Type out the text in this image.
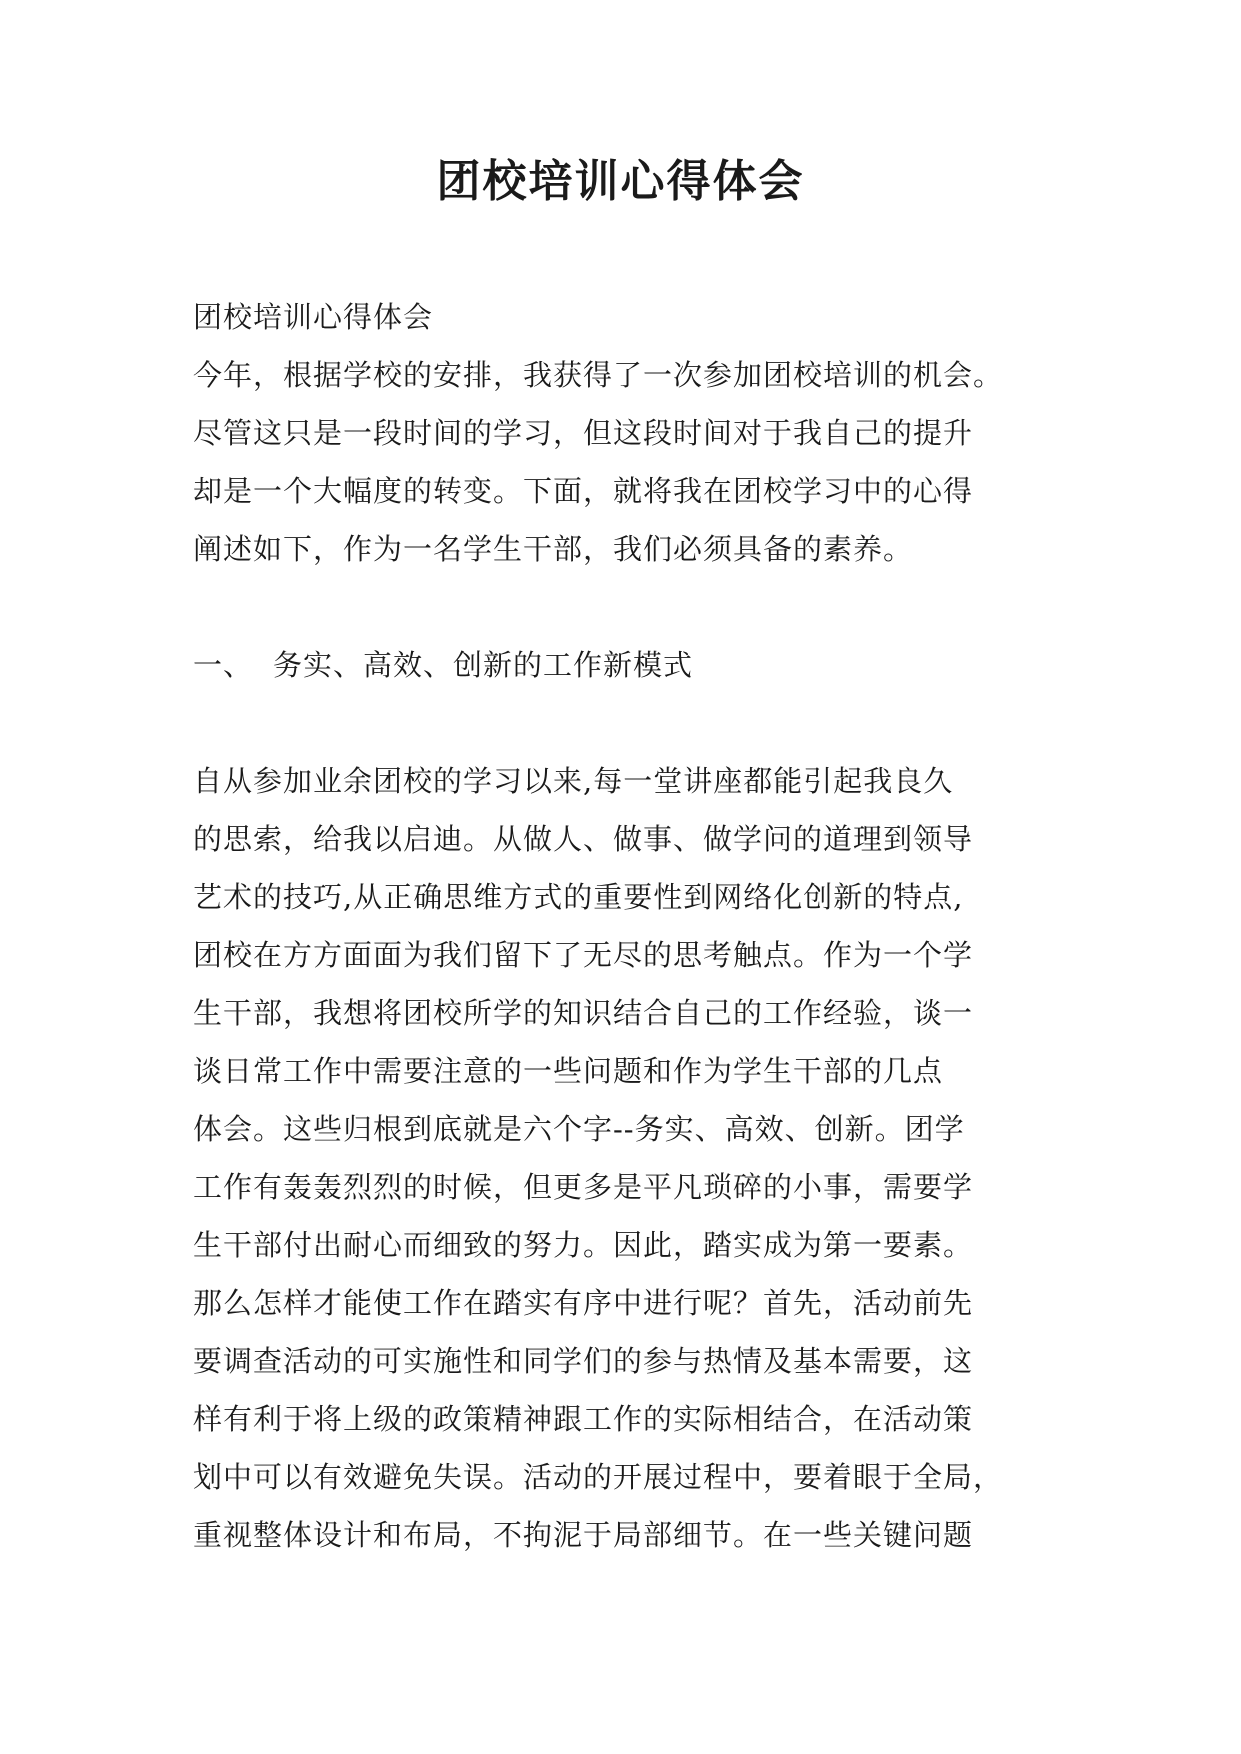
团校培训心得体会

团校培训心得体会

今年，根据学校的安排，我获得了一次参加团校培训的机会。

尽管这只是一段时间的学习，但这段时间对于我自己的提升

却是一个大幅度的转变。下面，就将我在团校学习中的心得

阐述如下，作为一名学生干部，我们必须具备的素养。

一、 务实、高效、创新的工作新模式

自从参加业余团校的学习以来,每一堂讲座都能引起我良久

的思索，给我以启迪。从做人、做事、做学问的道理到领导

艺术的技巧,从正确思维方式的重要性到网络化创新的特点,

团校在方方面面为我们留下了无尽的思考触点。作为一个学

生干部，我想将团校所学的知识结合自己的工作经验，谈一

谈日常工作中需要注意的一些问题和作为学生干部的几点

体会。这些归根到底就是六个字--务实、高效、创新。团学

工作有轰轰烈烈的时候，但更多是平凡琐碎的小事，需要学

生干部付出耐心而细致的努力。因此，踏实成为第一要素。

那么怎样才能使工作在踏实有序中进行呢？首先，活动前先

要调查活动的可实施性和同学们的参与热情及基本需要，这

样有利于将上级的政策精神跟工作的实际相结合，在活动策

划中可以有效避免失误。活动的开展过程中，要着眼于全局，

重视整体设计和布局，不拘泥于局部细节。在一些关键问题
